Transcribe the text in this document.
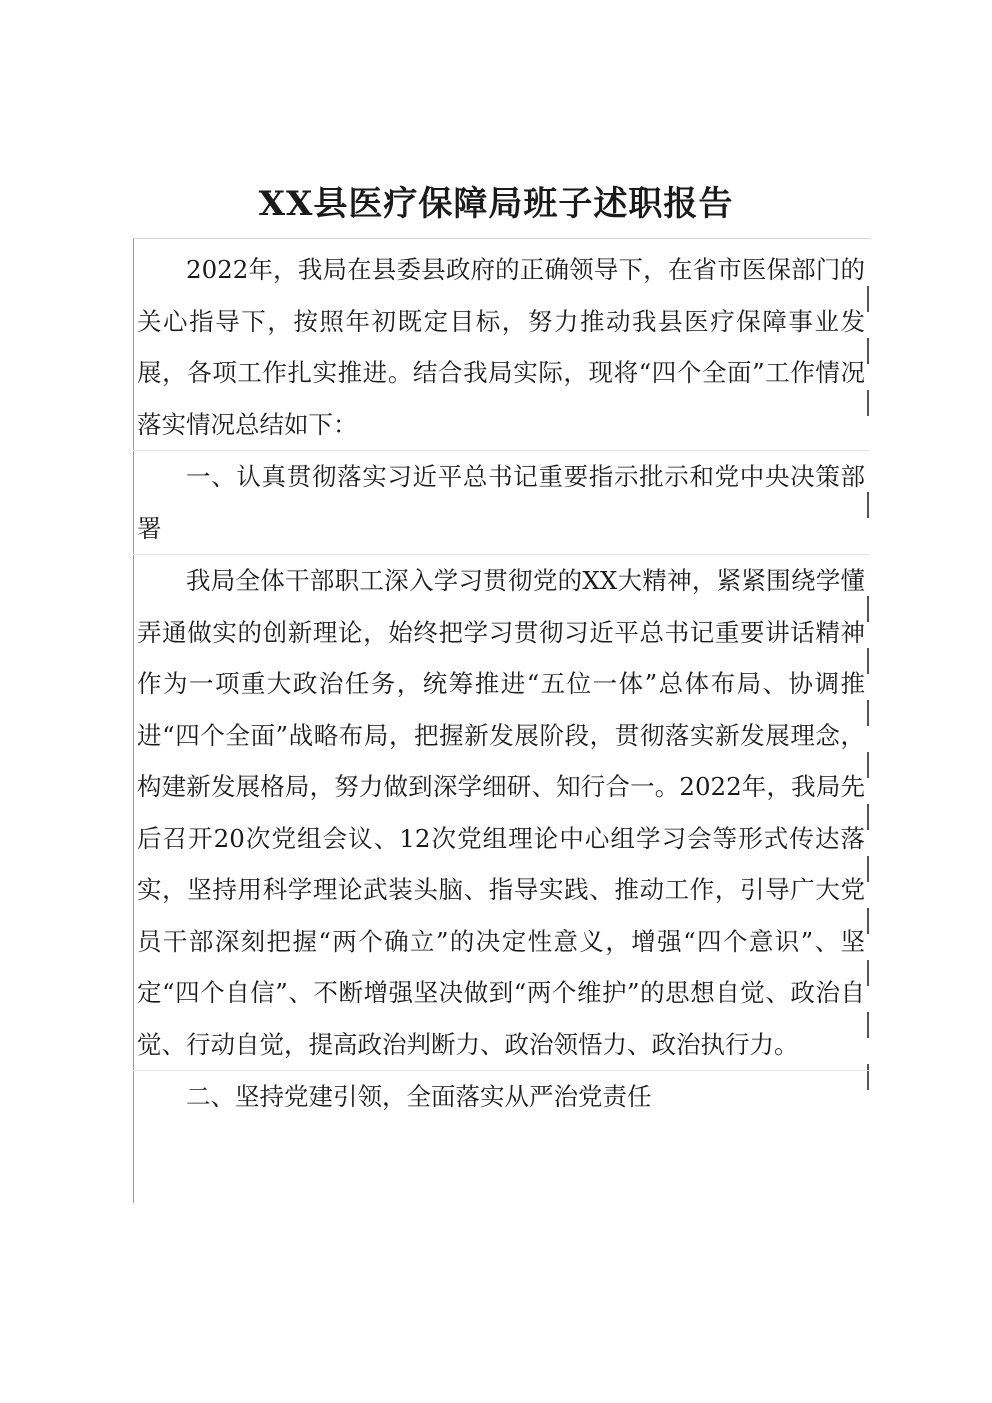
XX县医疗保障局班子述职报告

2022年，我局在县委县政府的正确领导下，在省市医保部门的关心指导下，按照年初既定目标，努力推动我县医疗保障事业发展，各项工作扎实推进。结合我局实际，现将“四个全面”工作情况落实情况总结如下：

一、认真贯彻落实习近平总书记重要指示批示和党中央决策部署

我局全体干部职工深入学习贯彻党的XX大精神，紧紧围绕学懂弄通做实的创新理论，始终把学习贯彻习近平总书记重要讲话精神作为一项重大政治任务，统筹推进“五位一体”总体布局、协调推进“四个全面”战略布局，把握新发展阶段，贯彻落实新发展理念，构建新发展格局，努力做到深学细研、知行合一。2022年，我局先后召开20次党组会议、12次党组理论中心组学习会等形式传达落实，坚持用科学理论武装头脑、指导实践、推动工作，引导广大党员干部深刻把握“两个确立”的决定性意义，增强“四个意识”、坚定“四个自信”、不断增强坚决做到“两个维护”的思想自觉、政治自觉、行动自觉，提高政治判断力、政治领悟力、政治执行力。

二、坚持党建引领，全面落实从严治党责任
